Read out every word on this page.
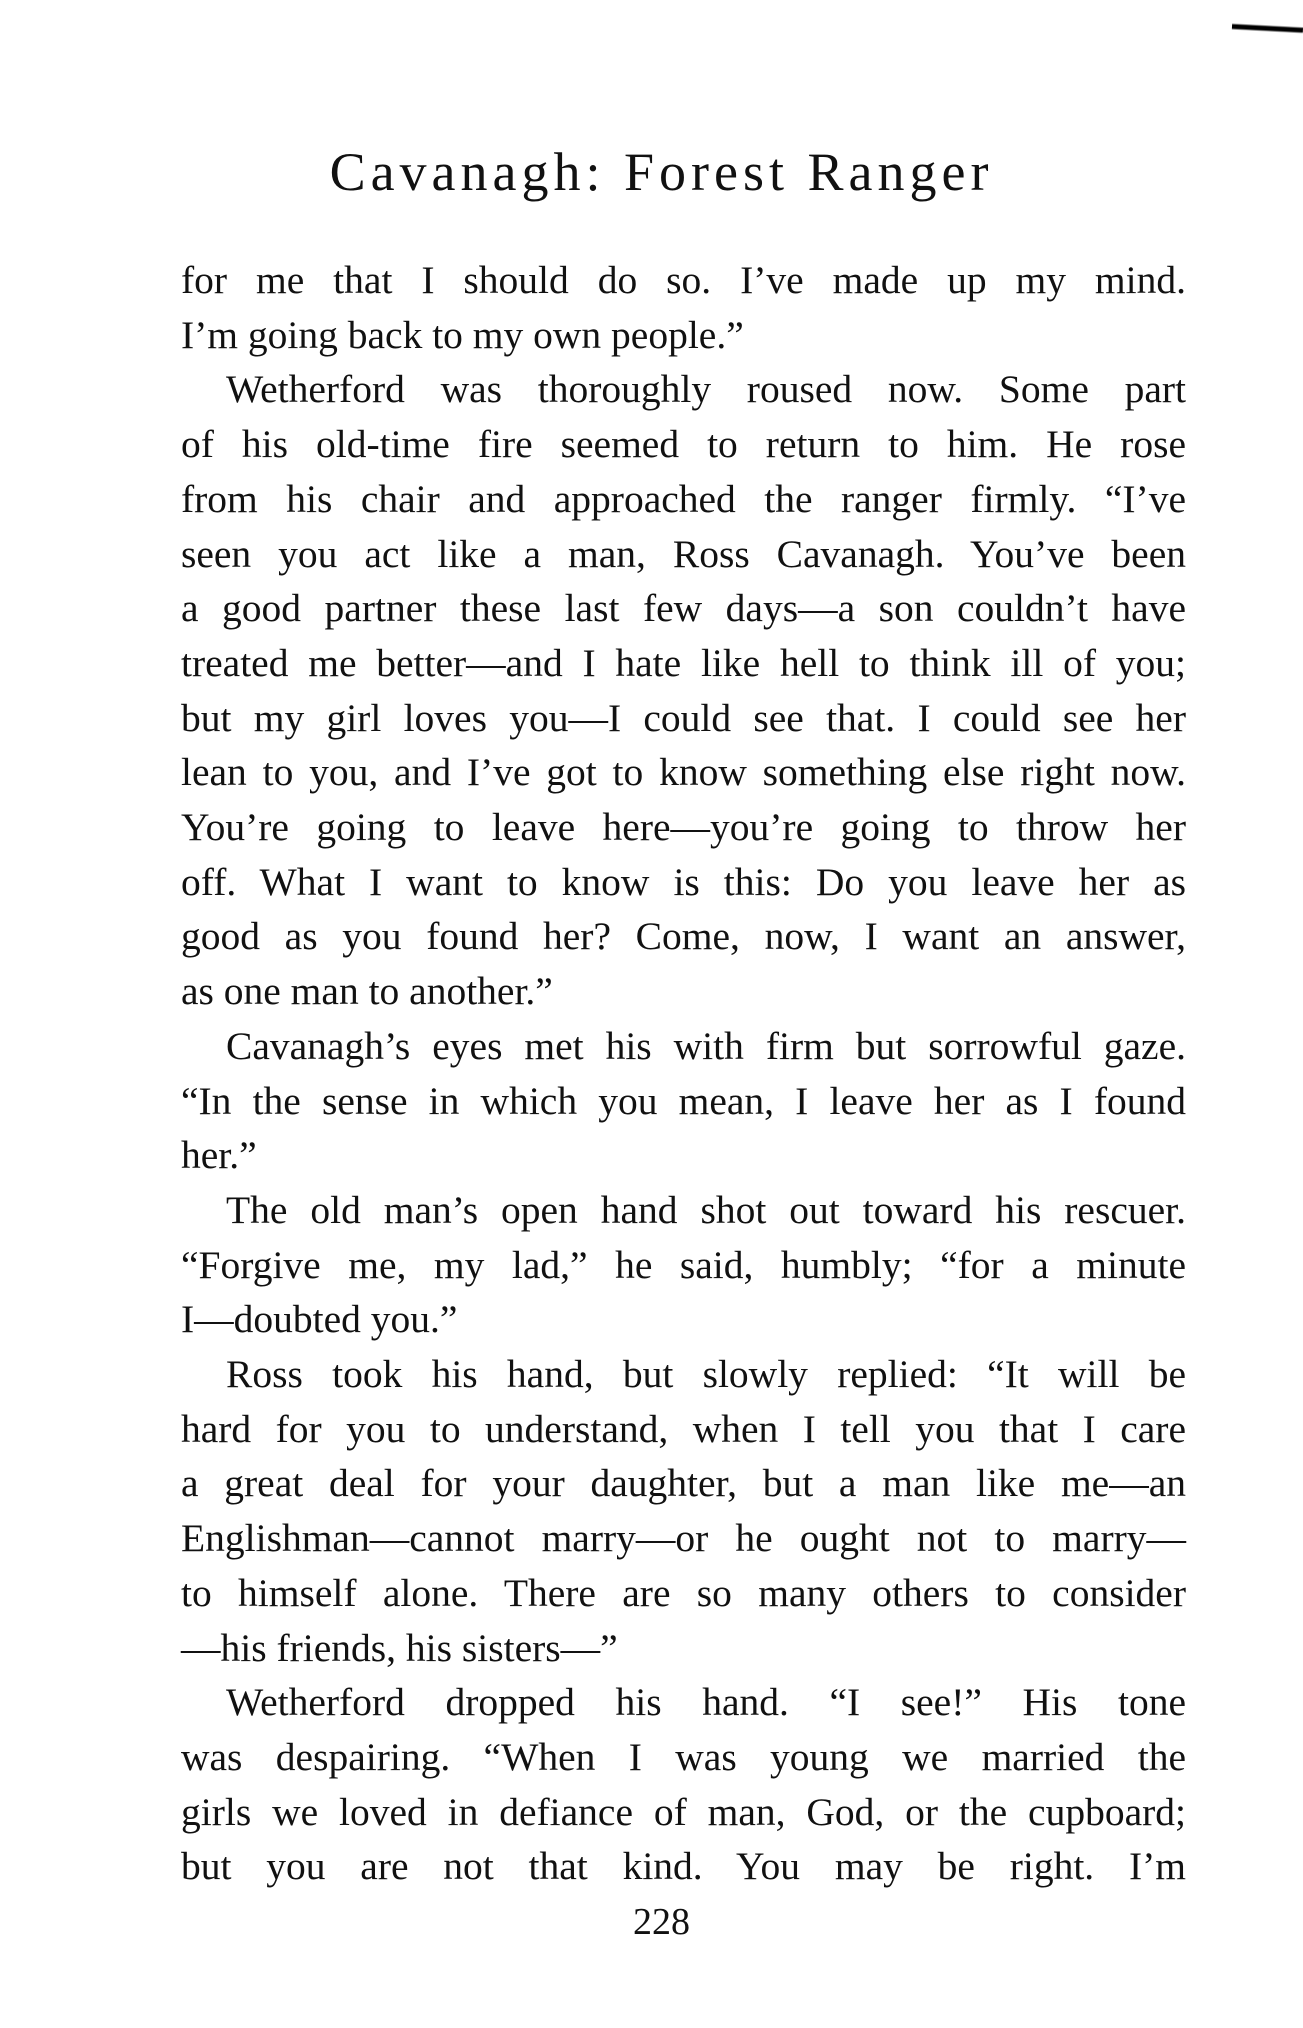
Cavanagh: Forest Ranger

for me that I should do so. I’ve made up my mind.
I’m going back to my own people.”

Wetherford was thoroughly roused now. Some part
of his old-time fire seemed to return to him. He rose
from his chair and approached the ranger firmly. “I’ve
seen you act like a man, Ross Cavanagh. You’ve been
a good partner these last few days—a son couldn’t have
treated me better—and I hate like hell to think ill of you;
but my girl loves you—I could see that. I could see her
lean to you, and I’ve got to know something else right now.
You’re going to leave here—you’re going to throw her
off. What I want to know is this: Do you leave her as
good as you found her? Come, now, I want an answer,
as one man to another.”

Cavanagh’s eyes met his with firm but sorrowful gaze.
“In the sense in which you mean, I leave her as I found
her.”

The old man’s open hand shot out toward his rescuer.
“Forgive me, my lad,” he said, humbly; “for a minute
I—doubted you.”

Ross took his hand, but slowly replied: “It will be
hard for you to understand, when I tell you that I care
a great deal for your daughter, but a man like me—an
Englishman—cannot marry—or he ought not to marry—
to himself alone. There are so many others to consider
—his friends, his sisters—”

Wetherford dropped his hand. “I see!” His tone
was despairing. “When I was young we married the
girls we loved in defiance of man, God, or the cupboard;
but you are not that kind. You may be right. I’m

228
